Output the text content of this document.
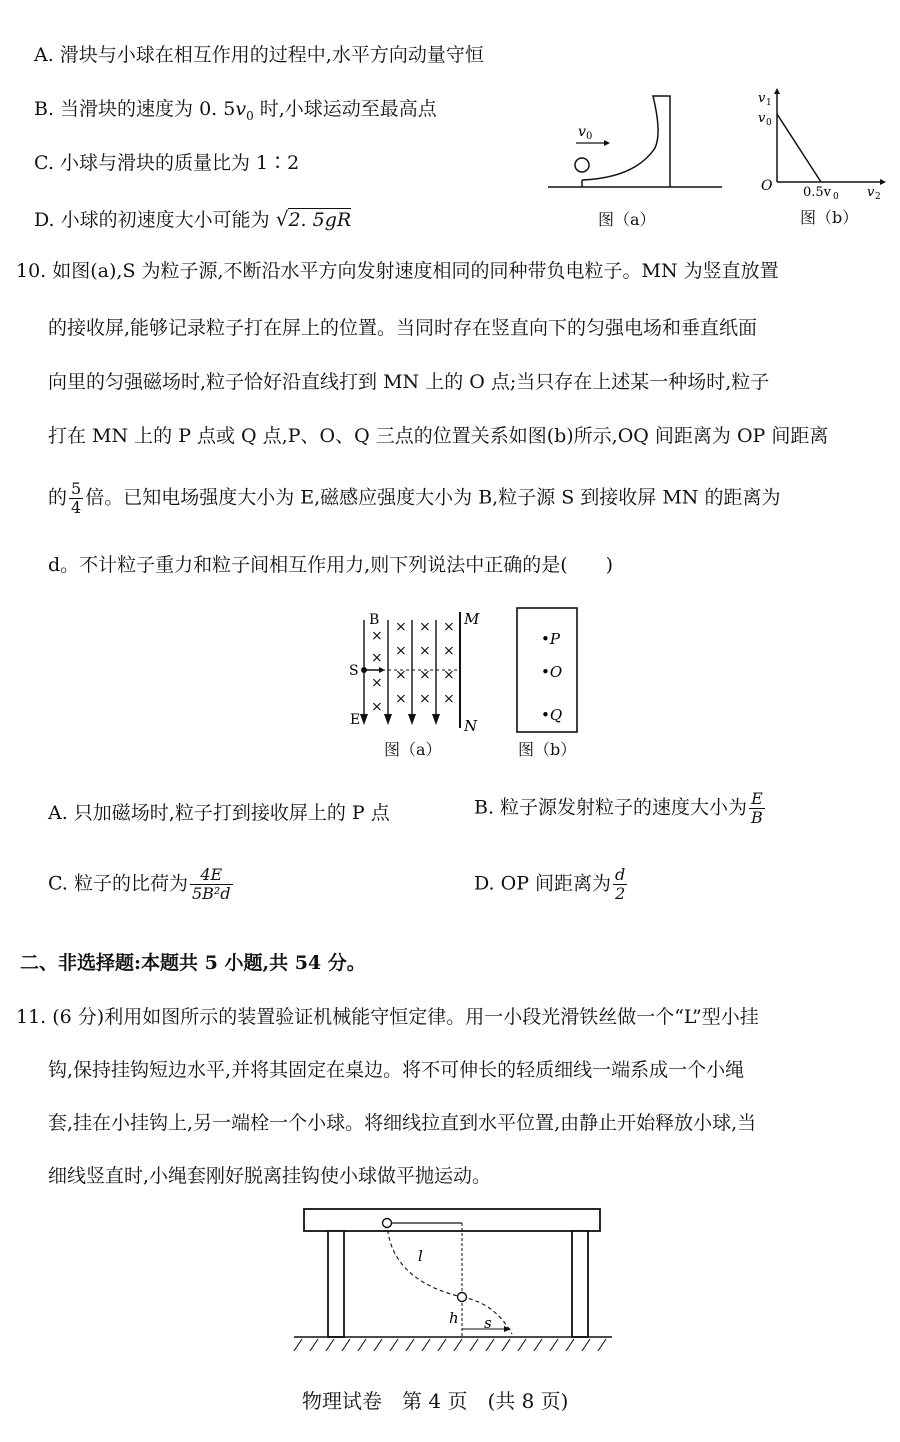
A. 滑块与小球在相互作用的过程中,水平方向动量守恒
B. 当滑块的速度为 0. $5v_0$ 时,小球运动至最高点
C. 小球与滑块的质量比为 1∶2
D. 小球的初速度大小可能为 √2. 5gR
v 0
图（a）
v 1
v 0
O 0.5v 0 v 2
图（b）
10. 如图(a),S 为粒子源,不断沿水平方向发射速度相同的同种带负电粒子。MN 为竖直放置
的接收屏,能够记录粒子打在屏上的位置。当同时存在竖直向下的匀强电场和垂直纸面
向里的匀强磁场时,粒子恰好沿直线打到 MN 上的 O 点;当只存在上述某一种场时,粒子
打在 MN 上的 P 点或 Q 点,P、O、Q 三点的位置关系如图(b)所示,OQ 间距离为 OP 间距离
的 $\frac{5}{4}$ 倍。已知电场强度大小为 E,磁感应强度大小为 B,粒子源 S 到接收屏 MN 的距离为
d。不计粒子重力和粒子间相互作用力,则下列说法中正确的是(　　)
×
× × ×
× × ×
×
× × × ×
× × × ×
B
S
E
M
N
图（a）
•P
•O
•Q
图（b）
A. 只加磁场时,粒子打到接收屏上的 P 点	B. 粒子源发射粒子的速度大小为 $\frac{E}{B}$
C. 粒子的比荷为 $\frac{4E}{\text{5B²d}}$	D. OP 间距离为 $\frac{d}{2}$
二、非选择题:本题共 5 小题,共 54 分。
11. (6 分)利用如图所示的装置验证机械能守恒定律。用一小段光滑铁丝做一个“L”型小挂
钩,保持挂钩短边水平,并将其固定在桌边。将不可伸长的轻质细线一端系成一个小绳
套,挂在小挂钩上,另一端栓一个小球。将细线拉直到水平位置,由静止开始释放小球,当
细线竖直时,小绳套刚好脱离挂钩使小球做平抛运动。
l
h s
物理试卷　第 4 页　(共 8 页)
